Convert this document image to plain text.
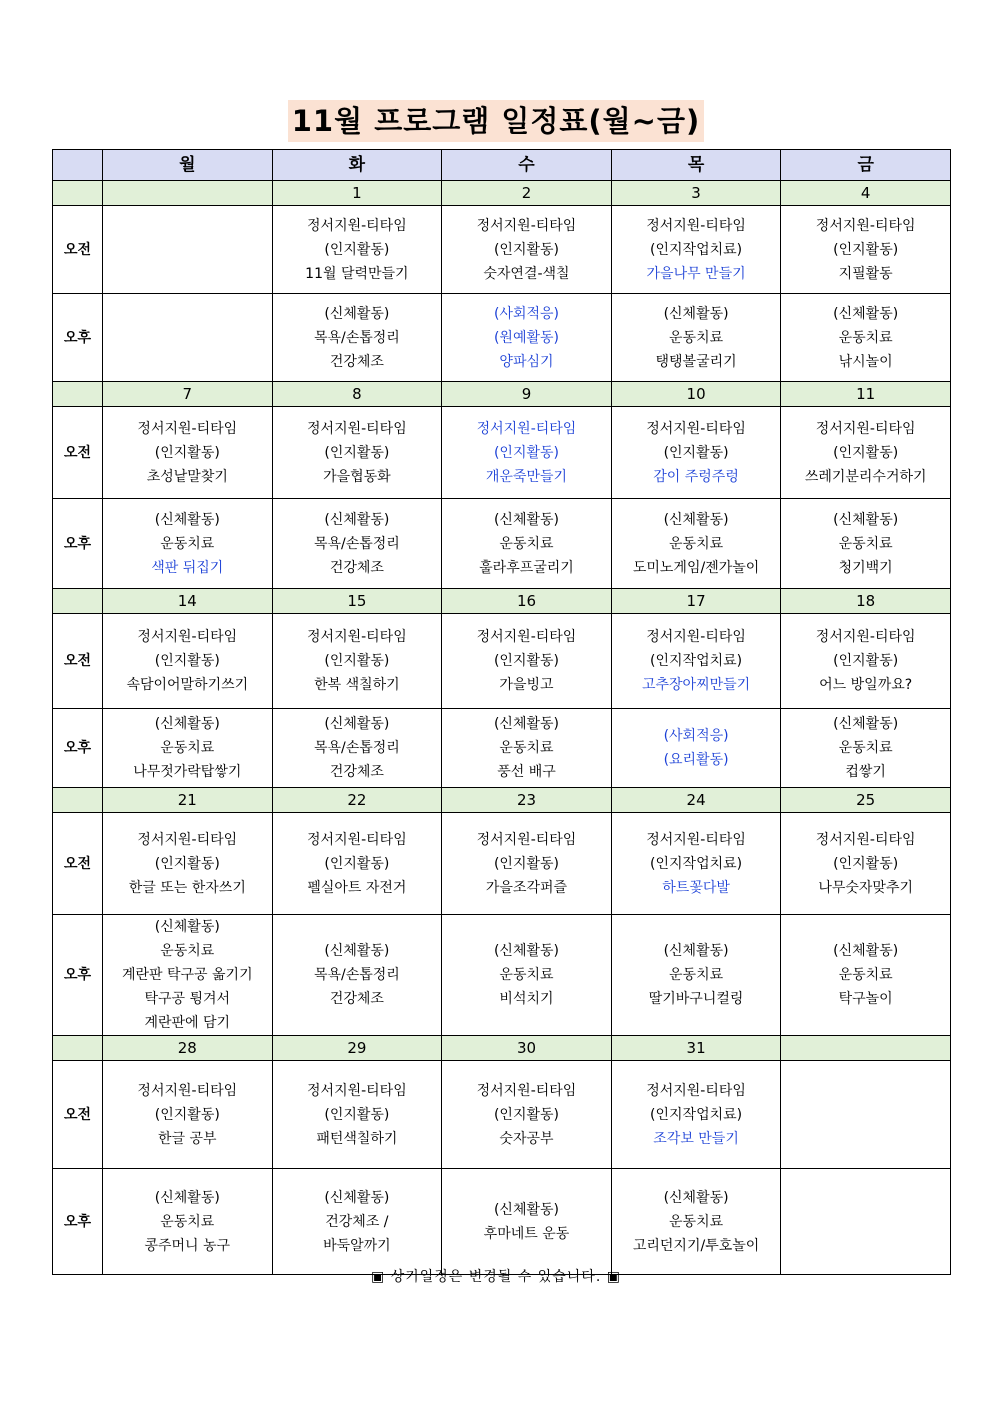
11월 프로그램 일정표(월~금)
	월	화	수	목	금
		1	2	3	4
오전		정서지원-티타임
(인지활동)
11월 달력만들기	정서지원-티타임
(인지활동)
숫자연결-색칠	정서지원-티타임
(인지작업치료)
가을나무 만들기	정서지원-티타임
(인지활동)
지필활동

오후		(신체활동)
목욕/손톱정리
건강체조	(사회적응)
(원예활동)
양파심기	(신체활동)
운동치료
탱탱볼굴리기	(신체활동)
운동치료
낚시놀이

	7	8	9	10	11
오전	정서지원-티타임
(인지활동)
초성낱말찾기	정서지원-티타임
(인지활동)
가을협동화	정서지원-티타임
(인지활동)
개운죽만들기	정서지원-티타임
(인지활동)
감이 주렁주렁	정서지원-티타임
(인지활동)
쓰레기분리수거하기

오후	(신체활동)
운동치료
색판 뒤집기	(신체활동)
목욕/손톱정리
건강체조	(신체활동)
운동치료
훌라후프굴리기	(신체활동)
운동치료
도미노게임/젠가놀이	(신체활동)
운동치료
청기백기

	14	15	16	17	18
오전	정서지원-티타임
(인지활동)
속담이어말하기쓰기	정서지원-티타임
(인지활동)
한복 색칠하기	정서지원-티타임
(인지활동)
가을빙고	정서지원-티타임
(인지작업치료)
고추장아찌만들기	정서지원-티타임
(인지활동)
어느 방일까요?

오후	(신체활동)
운동치료
나무젓가락탑쌓기	(신체활동)
목욕/손톱정리
건강체조	(신체활동)
운동치료
풍선 배구	(사회적응)
(요리활동)	(신체활동)
운동치료
컵쌓기

	21	22	23	24	25
오전	정서지원-티타임
(인지활동)
한글 또는 한자쓰기	정서지원-티타임
(인지활동)
펠실아트 자전거	정서지원-티타임
(인지활동)
가을조각퍼즐	정서지원-티타임
(인지작업치료)
하트꽃다발	정서지원-티타임
(인지활동)
나무숫자맞추기

오후	(신체활동)
운동치료
계란판 탁구공 옮기기
탁구공 튕겨서
계란판에 담기	(신체활동)
목욕/손톱정리
건강체조	(신체활동)
운동치료
비석치기	(신체활동)
운동치료
딸기바구니컬링	(신체활동)
운동치료
탁구놀이

	28	29	30	31	
오전	정서지원-티타임
(인지활동)
한글 공부	정서지원-티타임
(인지활동)
패턴색칠하기	정서지원-티타임
(인지활동)
숫자공부	정서지원-티타임
(인지작업치료)
조각보 만들기	

오후	(신체활동)
운동치료
콩주머니 농구	(신체활동)
건강체조 /
바둑알까기	(신체활동)
후마네트 운동	(신체활동)
운동치료
고리던지기/투호놀이	

▣ 상기일정은 변경될 수 있습니다. ▣
